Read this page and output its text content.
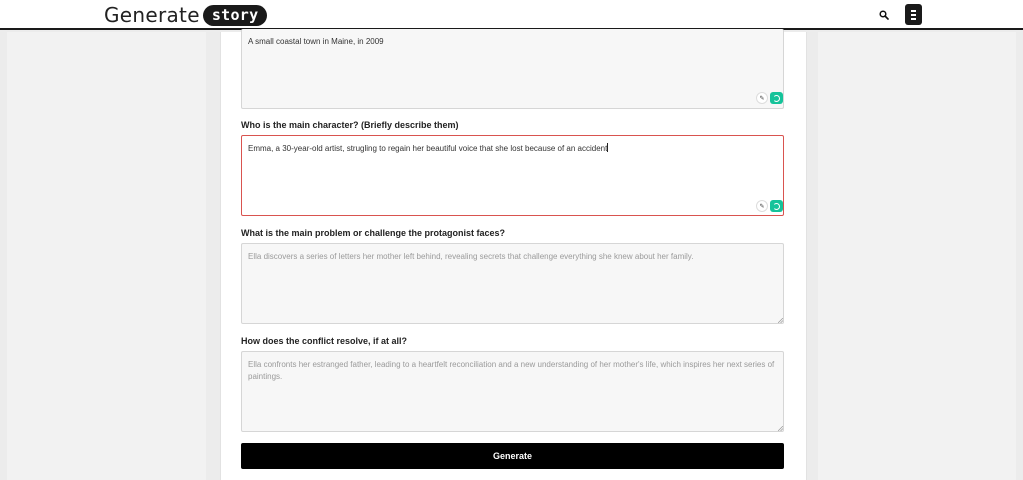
Generate story
A small coastal town in Maine, in 2009
✎
Who is the main character? (Briefly describe them)
Emma, a 30-year-old artist, strugling to regain her beautiful voice that she lost because of an accident
✎
What is the main problem or challenge the protagonist faces?
Ella discovers a series of letters her mother left behind, revealing secrets that challenge everything she knew about her family.
How does the conflict resolve, if at all?
Ella confronts her estranged father, leading to a heartfelt reconciliation and a new understanding of her mother's life, which inspires her next series of paintings.
Generate
